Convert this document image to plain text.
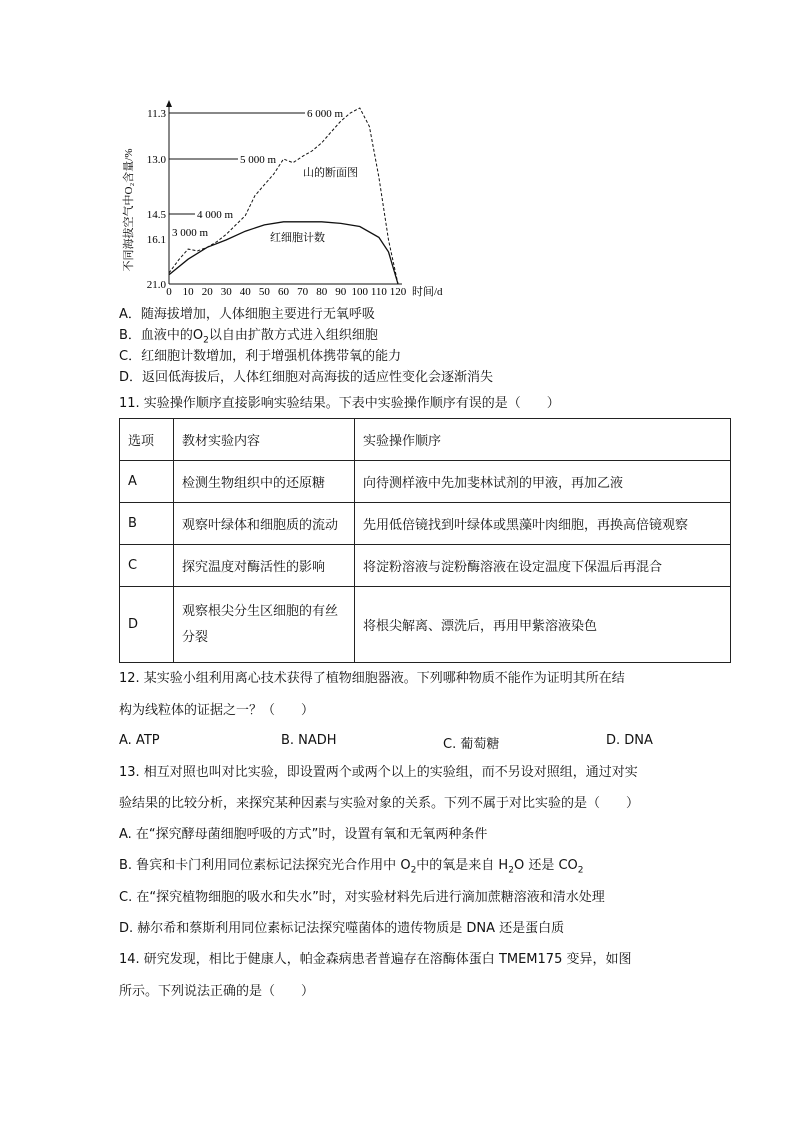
不同海拔空气中O₂含量/%
11.3
13.0
14.5
16.1
21.0
6 000 m
5 000 m
4 000 m
3 000 m
山的断面图
红细胞计数
0 10 20 30 40 50 60 70 80 90 100 110 120 时间/d
A．随海拔增加，人体细胞主要进行无氧呼吸
B．血液中的$O_2$以自由扩散方式进入组织细胞
C．红细胞计数增加，利于增强机体携带氧的能力
D．返回低海拔后，人体红细胞对高海拔的适应性变化会逐渐消失
11. 实验操作顺序直接影响实验结果。下表中实验操作顺序有误的是（　　）
选项	教材实验内容	实验操作顺序
A	检测生物组织中的还原糖	向待测样液中先加斐林试剂的甲液，再加乙液
B	观察叶绿体和细胞质的流动	先用低倍镜找到叶绿体或黑藻叶肉细胞，再换高倍镜观察
C	探究温度对酶活性的影响	将淀粉溶液与淀粉酶溶液在设定温度下保温后再混合
D	观察根尖分生区细胞的有丝分裂	将根尖解离、漂洗后，再用甲紫溶液染色
12. 某实验小组利用离心技术获得了植物细胞器液。下列哪种物质不能作为证明其所在结
构为线粒体的证据之一？（　　）
A. ATP	B. NADH	C. 葡萄糖	D. DNA
13. 相互对照也叫对比实验，即设置两个或两个以上的实验组，而不另设对照组，通过对实
验结果的比较分析，来探究某种因素与实验对象的关系。下列不属于对比实验的是（　　）
A. 在“探究酵母菌细胞呼吸的方式”时，设置有氧和无氧两种条件
B. 鲁宾和卡门利用同位素标记法探究光合作用中 $O_2$中的氧是来自 $H_2O$ 还是 $CO_2$
C. 在“探究植物细胞的吸水和失水”时，对实验材料先后进行滴加蔗糖溶液和清水处理
D. 赫尔希和蔡斯利用同位素标记法探究噬菌体的遗传物质是 DNA 还是蛋白质
14. 研究发现，相比于健康人，帕金森病患者普遍存在溶酶体蛋白 TMEM175 变异，如图
所示。下列说法正确的是（　　）
